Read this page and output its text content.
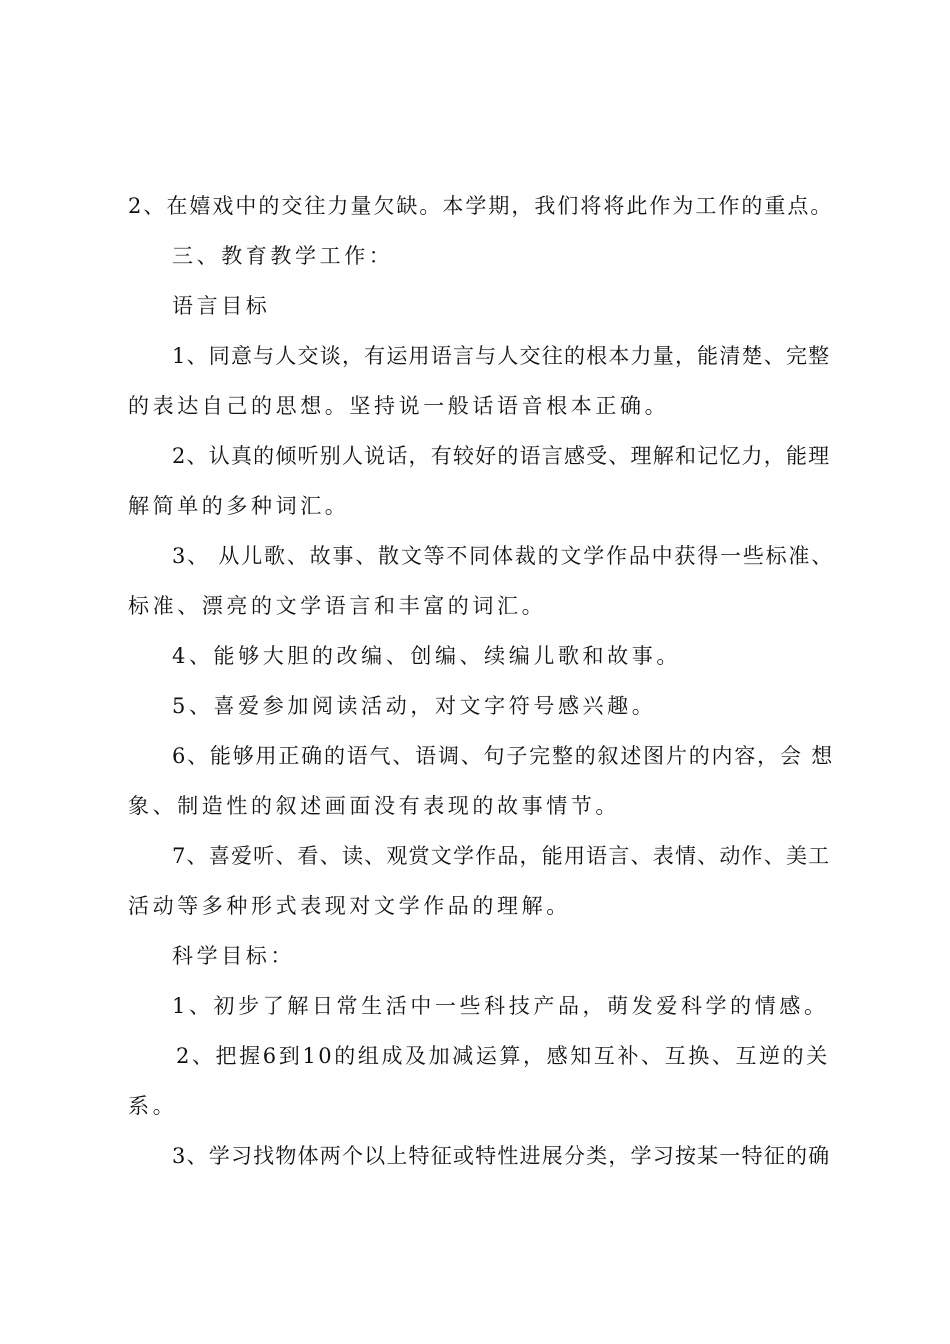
2、在嬉戏中的交往力量欠缺。本学期，我们将将此作为工作的重点。
三、教育教学工作：
语言目标
1、同意与人交谈，有运用语言与人交往的根本力量，能清楚、完整
的表达自己的思想。坚持说一般话语音根本正确。
2、认真的倾听别人说话，有较好的语言感受、理解和记忆力，能理
解简单的多种词汇。
3、 从儿歌、故事、散文等不同体裁的文学作品中获得一些标准、
标准、漂亮的文学语言和丰富的词汇。
4、能够大胆的改编、创编、续编儿歌和故事。
5、喜爱参加阅读活动，对文字符号感兴趣。
6、能够用正确的语气、语调、句子完整的叙述图片的内容，会 想
象、制造性的叙述画面没有表现的故事情节。
7、喜爱听、看、读、观赏文学作品，能用语言、表情、动作、美工
活动等多种形式表现对文学作品的理解。
科学目标：
1、初步了解日常生活中一些科技产品，萌发爱科学的情感。
2、把握6到10的组成及加减运算，感知互补、互换、互逆的关
系。
3、学习找物体两个以上特征或特性进展分类，学习按某一特征的确
